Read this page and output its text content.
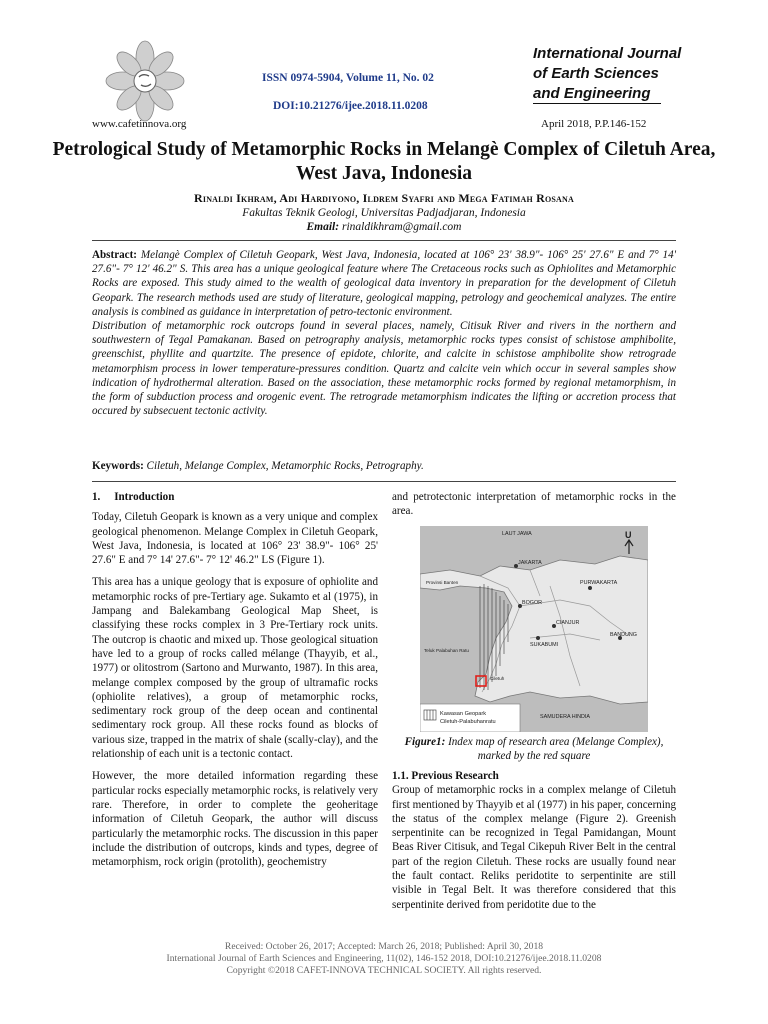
www.cafetinnova.org
ISSN 0974-5904, Volume 11, No. 02
DOI:10.21276/ijee.2018.11.0208
International Journal
of Earth Sciences
and Engineering
April 2018, P.P.146-152
Petrological Study of Metamorphic Rocks in Melangè Complex of Ciletuh Area, West Java, Indonesia
Rinaldi Ikhram, Adi Hardiyono, Ildrem Syafri and Mega Fatimah Rosana
Fakultas Teknik Geologi, Universitas Padjadjaran, Indonesia
Email: rinaldikhram@gmail.com

Abstract: Melangè Complex of Ciletuh Geopark, West Java, Indonesia, located at 106° 23' 38.9"- 106° 25' 27.6" E and 7° 14' 27.6"- 7° 12' 46.2" S. This area has a unique geological feature where The Cretaceous rocks such as Ophiolites and Metamorphic Rocks are exposed. This study aimed to the wealth of geological data inventory in preparation for the development of Ciletuh Geopark. The research methods used are study of literature, geological mapping, petrology and geochemical analyzes. The entire analysis is combined as guidance in interpretation of petro-tectonic environment.

Distribution of metamorphic rock outcrops found in several places, namely, Citisuk River and rivers in the northern and southwestern of Tegal Pamakanan. Based on petrography analysis, metamorphic rocks types consist of schistose amphibolite, greenschist, phyllite and quartzite. The presence of epidote, chlorite, and calcite in schistose amphibolite show retrograde metamorphism process in lower temperature-pressures condition. Quartz and calcite vein which occur in several samples show indication of hydrothermal alteration. Based on the association, these metamorphic rocks formed by regional metamorphism, in the form of subduction process and orogenic event. The retrograde metamorphism indicates the lifting or accretion process that occured by subsecuent tectonic activity.

Keywords: Ciletuh, Melange Complex, Metamorphic Rocks, Petrography.
1.     Introduction

Today, Ciletuh Geopark is known as a very unique and complex geological phenomenon. Melange Complex in Ciletuh Geopark, West Java, Indonesia, is located at 106° 23' 38.9"- 106° 25' 27.6" E and 7° 14' 27.6"- 7° 12' 46.2" LS (Figure 1).

This area has a unique geology that is exposure of ophiolite and metamorphic rocks of pre-Tertiary age. Sukamto et al (1975), in Jampang and Balekambang Geological Map Sheet, is classifying these rocks complex in 3 Pre-Tertiary rock units. The outcrop is chaotic and mixed up. Those geological situation have led to a group of rocks called mélange (Thayyib, et al., 1977) or olitostrom (Sartono and Murwanto, 1987). In this area, melange complex composed by the group of ultramafic rocks (ophiolite relatives), a group of metamorphic rocks, sedimentary rock group of the deep ocean and continental sedimentary rock group. All these rocks found as blocks of various size, trapped in the matrix of shale (scally-clay), and the relationship of each unit is a tectonic contact.

However, the more detailed information regarding these particular rocks especially metamorphic rocks, is relatively very rare. Therefore, in order to complete the geoheritage information of Ciletuh Geopark, the author will discuss particularly the metamorphic rocks. The discussion in this paper include the distribution of outcrops, kinds and types, degree of metamorphism, rock origin (protolith), geochemistry

and petrotectonic interpretation of metamorphic rocks in the area.

LAUT JAWA
JAKARTA
Provinsi Banten
BOGOR
PURWAKARTA
CIANJUR
SUKABUMI
BANDUNG
Teluk Palabuhan Ratu
Ciletuh
SAMUDERA HINDIA
U
Kawasan Geopark
Ciletuh-Palabuhanratu
Figure1: Index map of research area (Melange Complex), marked by the red square
1.1. Previous Research

Group of metamorphic rocks in a complex melange of Ciletuh first mentioned by Thayyib et al (1977) in his paper, concerning the status of the complex melange (Figure 2). Greenish serpentinite can be recognized in Tegal Pamidangan, Mount Beas River Citisuk, and Tegal Cikepuh River Belt in the central part of the region Ciletuh. These rocks are usually found near the fault contact. Reliks peridotite to serpentinite are still visible in Tegal Belt. It was therefore considered that this serpentinite derived from peridotite due to the

Received: October 26, 2017; Accepted: March 26, 2018; Published: April 30, 2018
International Journal of Earth Sciences and Engineering, 11(02), 146-152 2018, DOI:10.21276/ijee.2018.11.0208
Copyright ©2018 CAFET-INNOVA TECHNICAL SOCIETY. All rights reserved.
